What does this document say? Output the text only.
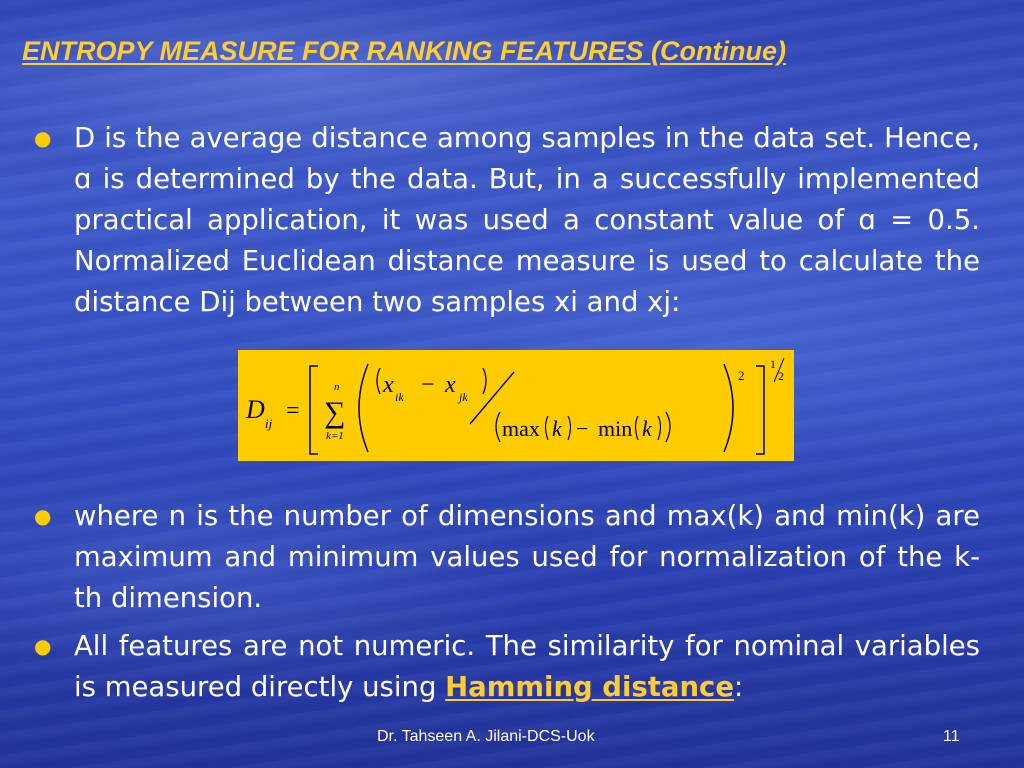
ENTROPY MEASURE FOR RANKING FEATURES (Continue)
● D is the average distance among samples in the data set. Hence, ɑ is determined by the data. But, in a successfully implemented practical application, it was used a constant value of ɑ = 0.5. Normalized Euclidean distance measure is used to calculate the distance Dij between two samples xi and xj:
D ij =
n
∑
k=1
x ik − x jk
max k − min k
2
1
2
● where n is the number of dimensions and max(k) and min(k) are maximum and minimum values used for normalization of the k-th dimension.
● All features are not numeric. The similarity for nominal variables is measured directly using Hamming distance:
Dr. Tahseen A. Jilani-DCS-Uok	11
